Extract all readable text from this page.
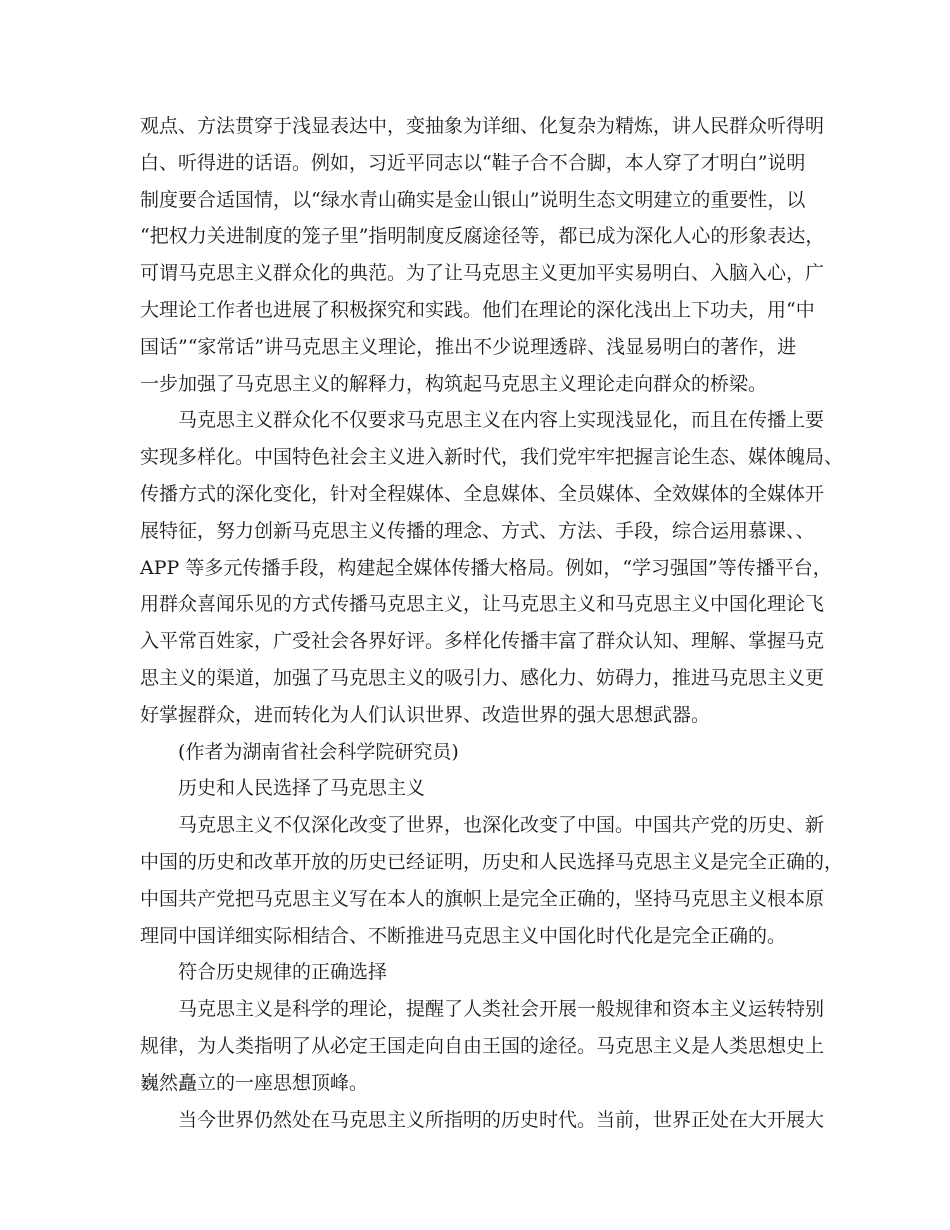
观点、方法贯穿于浅显表达中，变抽象为详细、化复杂为精炼，讲人民群众听得明
白、听得进的话语。例如，习近平同志以“鞋子合不合脚，本人穿了才明白”说明
制度要合适国情，以“绿水青山确实是金山银山”说明生态文明建立的重要性，以
“把权力关进制度的笼子里”指明制度反腐途径等，都已成为深化人心的形象表达，
可谓马克思主义群众化的典范。为了让马克思主义更加平实易明白、入脑入心，广
大理论工作者也进展了积极探究和实践。他们在理论的深化浅出上下功夫，用“中
国话”“家常话”讲马克思主义理论，推出不少说理透辟、浅显易明白的著作，进
一步加强了马克思主义的解释力，构筑起马克思主义理论走向群众的桥梁。
马克思主义群众化不仅要求马克思主义在内容上实现浅显化，而且在传播上要
实现多样化。中国特色社会主义进入新时代，我们党牢牢把握言论生态、媒体魄局、
传播方式的深化变化，针对全程媒体、全息媒体、全员媒体、全效媒体的全媒体开
展特征，努力创新马克思主义传播的理念、方式、方法、手段，综合运用慕课、、
APP 等多元传播手段，构建起全媒体传播大格局。例如，“学习强国”等传播平台，
用群众喜闻乐见的方式传播马克思主义，让马克思主义和马克思主义中国化理论飞
入平常百姓家，广受社会各界好评。多样化传播丰富了群众认知、理解、掌握马克
思主义的渠道，加强了马克思主义的吸引力、感化力、妨碍力，推进马克思主义更
好掌握群众，进而转化为人们认识世界、改造世界的强大思想武器。
(作者为湖南省社会科学院研究员)
历史和人民选择了马克思主义
马克思主义不仅深化改变了世界，也深化改变了中国。中国共产党的历史、新
中国的历史和改革开放的历史已经证明，历史和人民选择马克思主义是完全正确的，
中国共产党把马克思主义写在本人的旗帜上是完全正确的，坚持马克思主义根本原
理同中国详细实际相结合、不断推进马克思主义中国化时代化是完全正确的。
符合历史规律的正确选择
马克思主义是科学的理论，提醒了人类社会开展一般规律和资本主义运转特别
规律，为人类指明了从必定王国走向自由王国的途径。马克思主义是人类思想史上
巍然矗立的一座思想顶峰。
当今世界仍然处在马克思主义所指明的历史时代。当前，世界正处在大开展大
